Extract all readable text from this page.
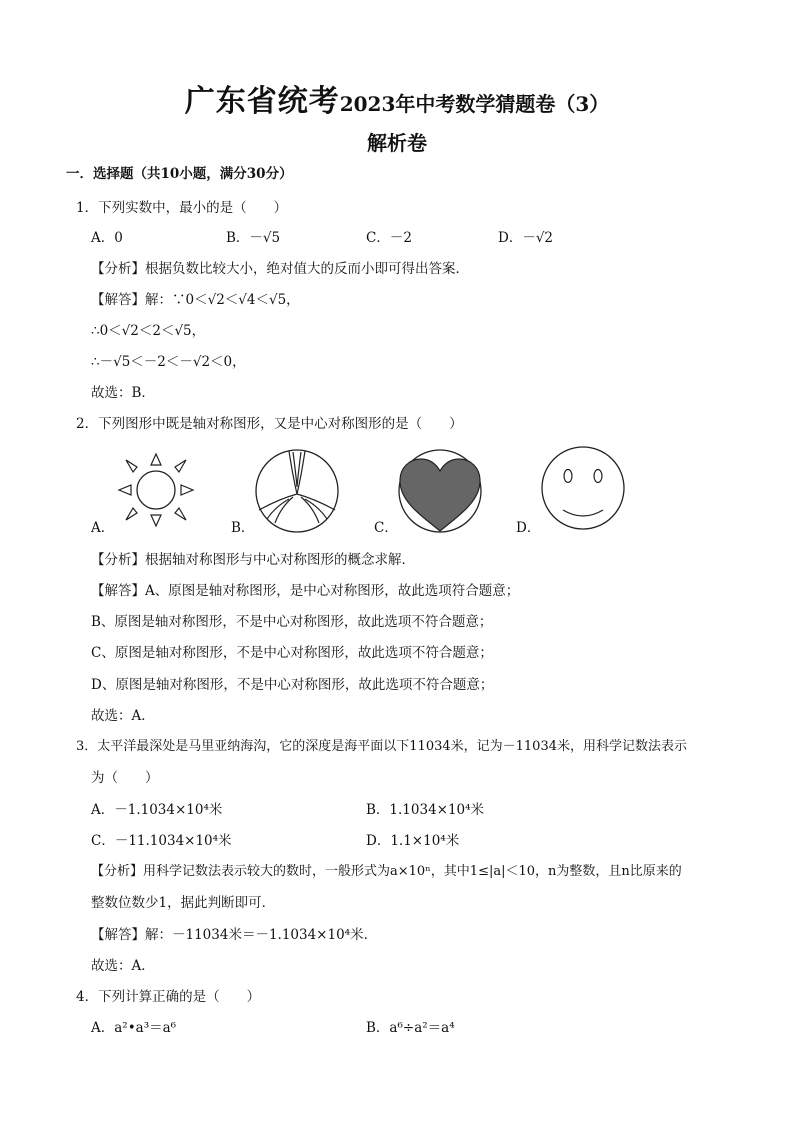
广东省统考2023年中考数学猜题卷（3）
解析卷
一．选择题（共10小题，满分30分）
1．下列实数中，最小的是（　　）
A．0	B．－√5	C．－2	D．－√2
【分析】根据负数比较大小，绝对值大的反而小即可得出答案．
【解答】解：∵0＜√2＜√4＜√5，
∴0＜√2＜2＜√5，
∴－√5＜－2＜－√2＜0，
故选：B．
2．下列图形中既是轴对称图形，又是中心对称图形的是（　　）
A．	B．	C．	D．
【分析】根据轴对称图形与中心对称图形的概念求解．
【解答】A、原图是轴对称图形，是中心对称图形，故此选项符合题意；
B、原图是轴对称图形，不是中心对称图形，故此选项不符合题意；
C、原图是轴对称图形，不是中心对称图形，故此选项不符合题意；
D、原图是轴对称图形，不是中心对称图形，故此选项不符合题意；
故选：A．
3．太平洋最深处是马里亚纳海沟，它的深度是海平面以下11034米，记为－11034米，用科学记数法表示
为（　　）
A．－1.1034×10⁴米	B．1.1034×10⁴米
C．－11.1034×10⁴米	D．1.1×10⁴米
【分析】用科学记数法表示较大的数时，一般形式为a×10ⁿ，其中1≤|a|＜10，n为整数，且n比原来的
整数位数少1，据此判断即可．
【解答】解：－11034米＝－1.1034×10⁴米．
故选：A．
4．下列计算正确的是（　　）
A．a²•a³＝a⁶	B．a⁶÷a²＝a⁴
